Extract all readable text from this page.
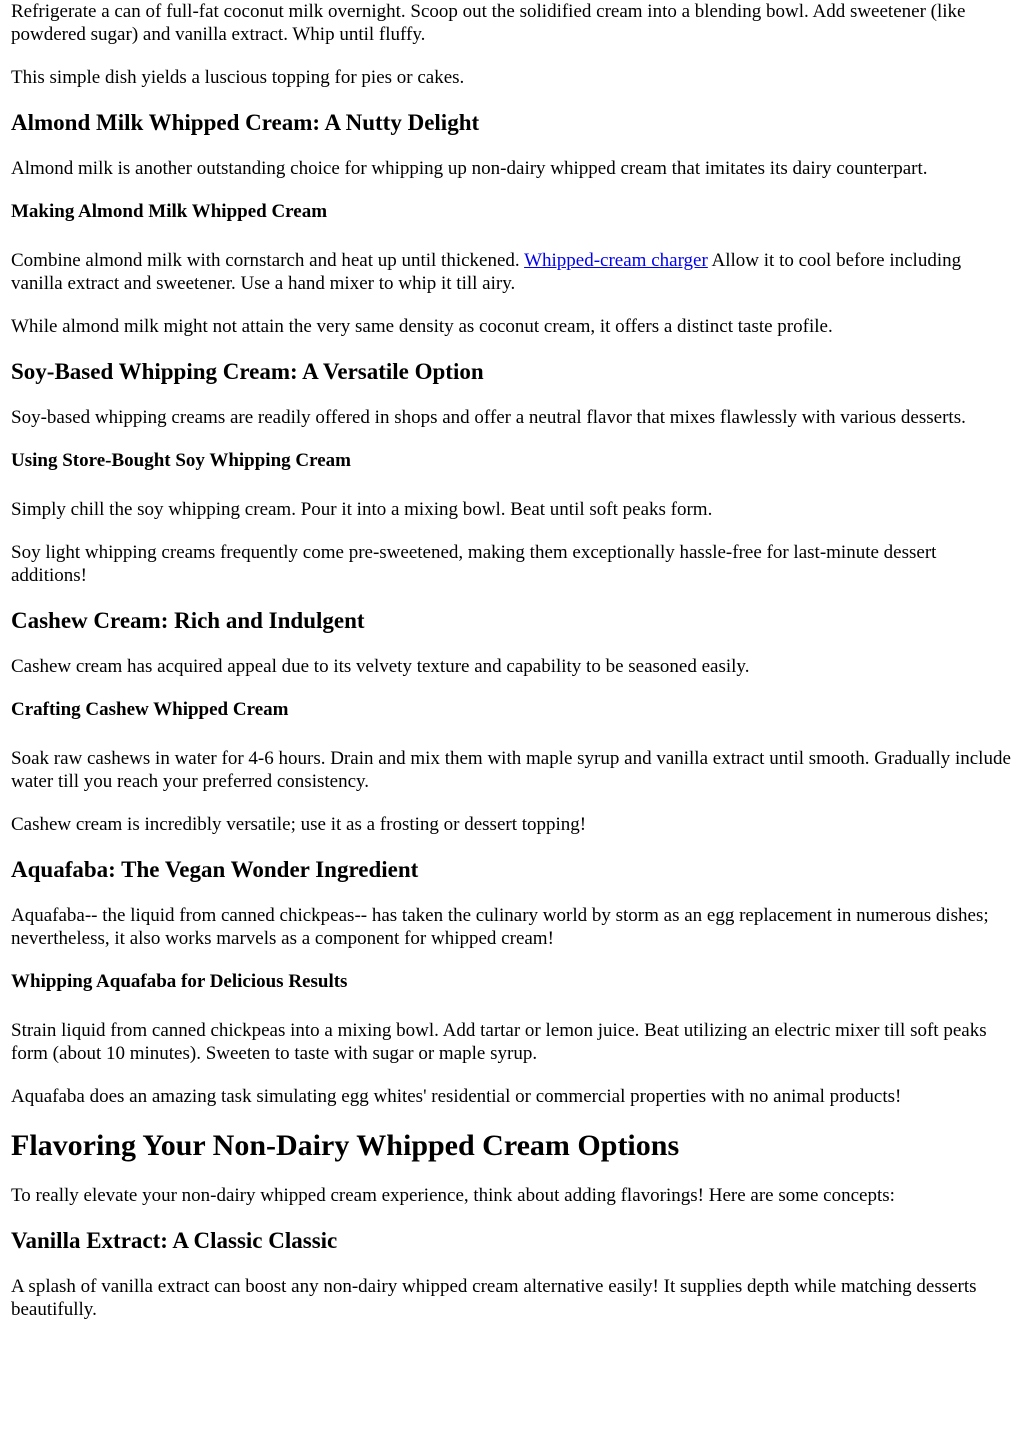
Refrigerate a can of full-fat coconut milk overnight. Scoop out the solidified cream into a blending bowl. Add sweetener (like powdered sugar) and vanilla extract. Whip until fluffy.

This simple dish yields a luscious topping for pies or cakes.

Almond Milk Whipped Cream: A Nutty Delight

Almond milk is another outstanding choice for whipping up non-dairy whipped cream that imitates its dairy counterpart.

Making Almond Milk Whipped Cream

Combine almond milk with cornstarch and heat up until thickened. Whipped-cream charger Allow it to cool before including vanilla extract and sweetener. Use a hand mixer to whip it till airy.

While almond milk might not attain the very same density as coconut cream, it offers a distinct taste profile.

Soy-Based Whipping Cream: A Versatile Option

Soy-based whipping creams are readily offered in shops and offer a neutral flavor that mixes flawlessly with various desserts.

Using Store-Bought Soy Whipping Cream

Simply chill the soy whipping cream. Pour it into a mixing bowl. Beat until soft peaks form.

Soy light whipping creams frequently come pre-sweetened, making them exceptionally hassle-free for last-minute dessert additions!

Cashew Cream: Rich and Indulgent

Cashew cream has acquired appeal due to its velvety texture and capability to be seasoned easily.

Crafting Cashew Whipped Cream

Soak raw cashews in water for 4-6 hours. Drain and mix them with maple syrup and vanilla extract until smooth. Gradually include water till you reach your preferred consistency.

Cashew cream is incredibly versatile; use it as a frosting or dessert topping!

Aquafaba: The Vegan Wonder Ingredient

Aquafaba-- the liquid from canned chickpeas-- has taken the culinary world by storm as an egg replacement in numerous dishes; nevertheless, it also works marvels as a component for whipped cream!

Whipping Aquafaba for Delicious Results

Strain liquid from canned chickpeas into a mixing bowl. Add tartar or lemon juice. Beat utilizing an electric mixer till soft peaks form (about 10 minutes). Sweeten to taste with sugar or maple syrup.

Aquafaba does an amazing task simulating egg whites' residential or commercial properties with no animal products!

Flavoring Your Non-Dairy Whipped Cream Options

To really elevate your non-dairy whipped cream experience, think about adding flavorings! Here are some concepts:

Vanilla Extract: A Classic Classic

A splash of vanilla extract can boost any non-dairy whipped cream alternative easily! It supplies depth while matching desserts beautifully.
